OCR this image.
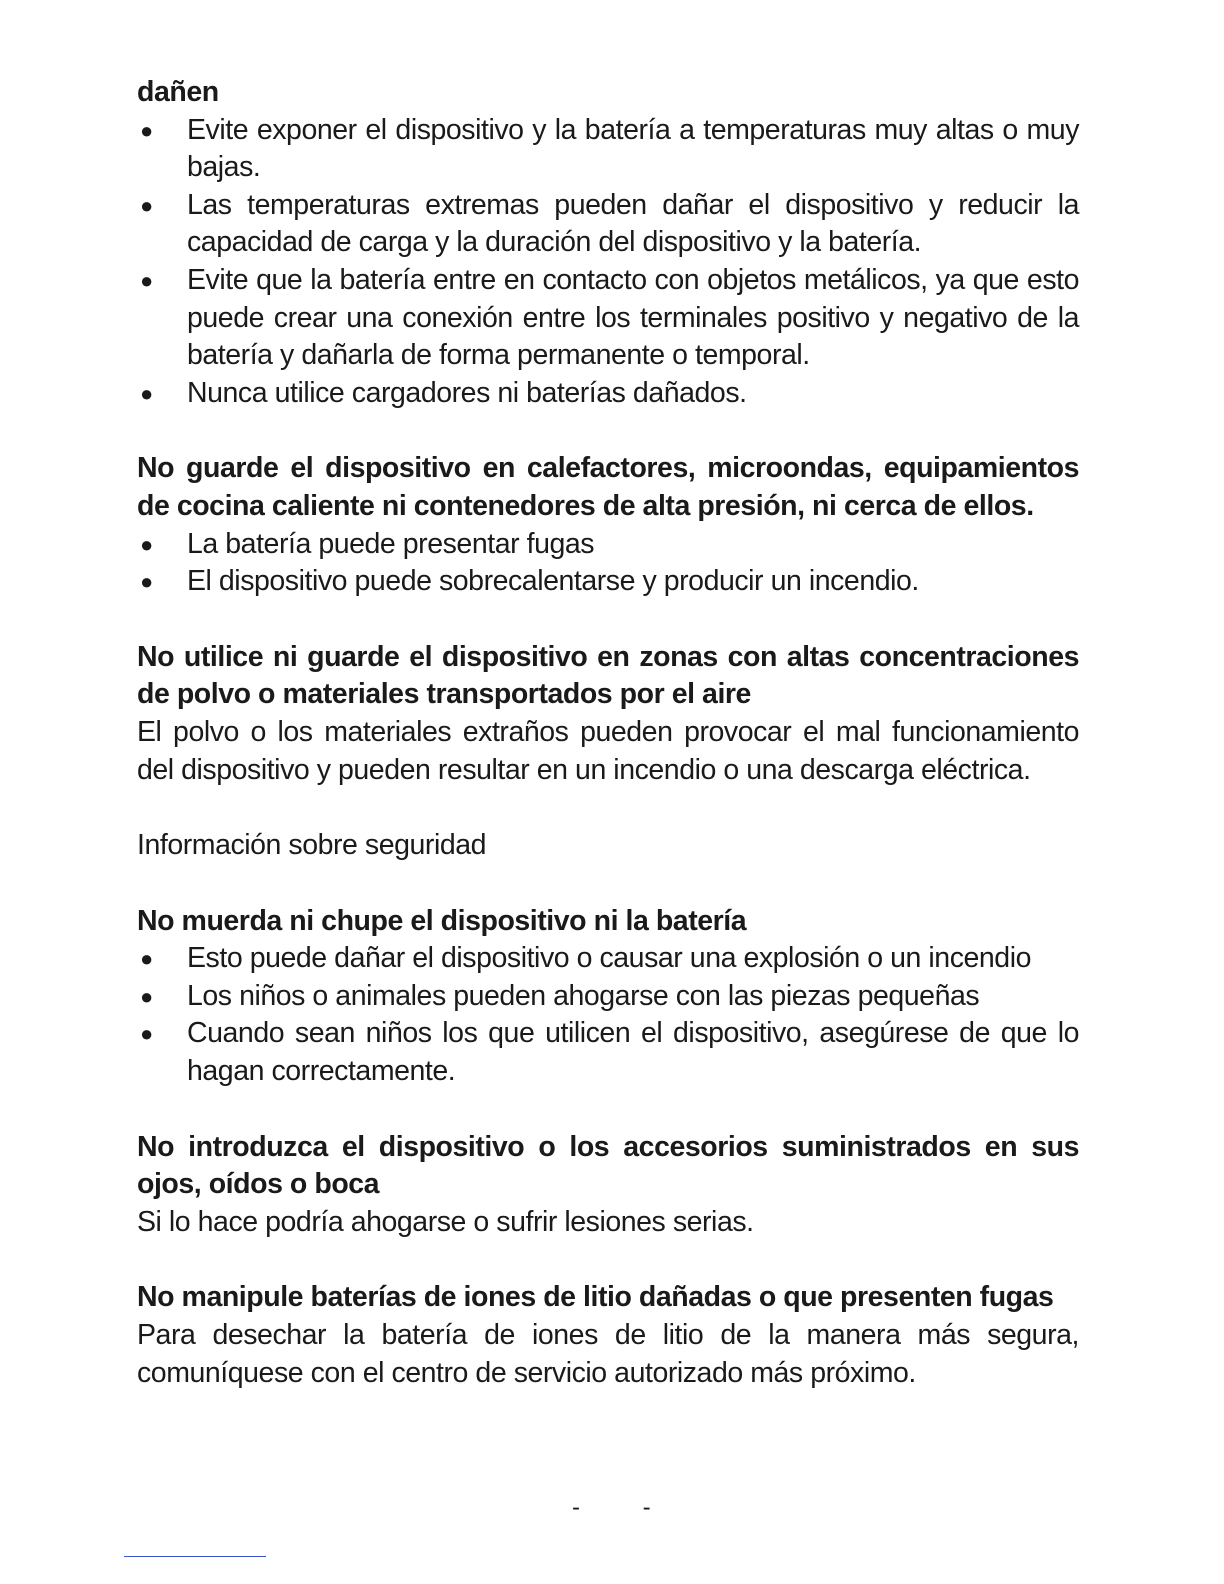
dañen

● Evite exponer el dispositivo y la batería a temperaturas muy altas o muy bajas.
● Las temperaturas extremas pueden dañar el dispositivo y reducir la capacidad de carga y la duración del dispositivo y la batería.
● Evite que la batería entre en contacto con objetos metálicos, ya que esto puede crear una conexión entre los terminales positivo y negativo de la batería y dañarla de forma permanente o temporal.
● Nunca utilice cargadores ni baterías dañados.

No guarde el dispositivo en calefactores, microondas, equipamientos de cocina caliente ni contenedores de alta presión, ni cerca de ellos.

● La batería puede presentar fugas
● El dispositivo puede sobrecalentarse y producir un incendio.

No utilice ni guarde el dispositivo en zonas con altas concentraciones de polvo o materiales transportados por el aire

El polvo o los materiales extraños pueden provocar el mal funcionamiento del dispositivo y pueden resultar en un incendio o una descarga eléctrica.

Información sobre seguridad

No muerda ni chupe el dispositivo ni la batería

● Esto puede dañar el dispositivo o causar una explosión o un incendio
● Los niños o animales pueden ahogarse con las piezas pequeñas
● Cuando sean niños los que utilicen el dispositivo, asegúrese de que lo hagan correctamente.

No introduzca el dispositivo o los accesorios suministrados en sus ojos, oídos o boca

Si lo hace podría ahogarse o sufrir lesiones serias.

No manipule baterías de iones de litio dañadas o que presenten fugas

Para desechar la batería de iones de litio de la manera más segura, comuníquese con el centro de servicio autorizado más próximo.

- -
